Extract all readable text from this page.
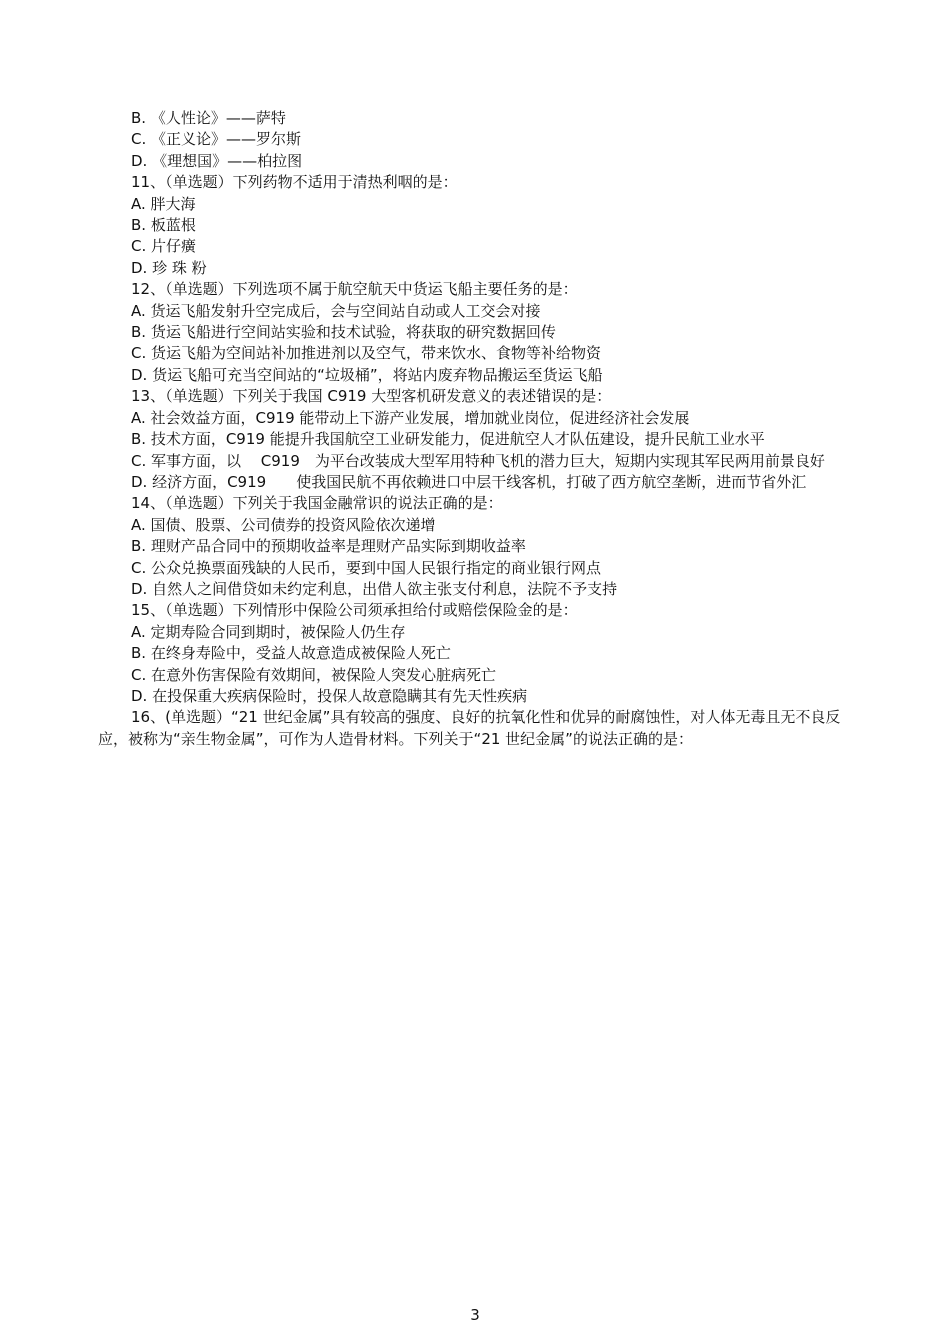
B. 《人性论》——萨特
C. 《正义论》——罗尔斯
D. 《理想国》——柏拉图
11、（单选题）下列药物不适用于清热利咽的是：
A. 胖大海
B. 板蓝根
C. 片仔癀
D. 珍 珠 粉
12、（单选题）下列选项不属于航空航天中货运飞船主要任务的是：
A. 货运飞船发射升空完成后，会与空间站自动或人工交会对接
B. 货运飞船进行空间站实验和技术试验，将获取的研究数据回传
C. 货运飞船为空间站补加推进剂以及空气，带来饮水、食物等补给物资
D. 货运飞船可充当空间站的“垃圾桶”，将站内废弃物品搬运至货运飞船
13、（单选题）下列关于我国 C919 大型客机研发意义的表述错误的是：
A. 社会效益方面，C919 能带动上下游产业发展，增加就业岗位，促进经济社会发展
B. 技术方面，C919 能提升我国航空工业研发能力，促进航空人才队伍建设，提升民航工业水平
C. 军事方面，以　 C919　为平台改装成大型军用特种飞机的潜力巨大，短期内实现其军民两用前景良好
D. 经济方面，C919　　使我国民航不再依赖进口中层干线客机，打破了西方航空垄断，进而节省外汇
14、（单选题）下列关于我国金融常识的说法正确的是：
A. 国债、股票、公司债券的投资风险依次递增
B. 理财产品合同中的预期收益率是理财产品实际到期收益率
C. 公众兑换票面残缺的人民币，要到中国人民银行指定的商业银行网点
D. 自然人之间借贷如未约定利息，出借人欲主张支付利息，法院不予支持
15、（单选题）下列情形中保险公司须承担给付或赔偿保险金的是：
A. 定期寿险合同到期时，被保险人仍生存
B. 在终身寿险中，受益人故意造成被保险人死亡
C. 在意外伤害保险有效期间，被保险人突发心脏病死亡
D. 在投保重大疾病保险时，投保人故意隐瞒其有先天性疾病
16、(单选题）“21 世纪金属”具有较高的强度、良好的抗氧化性和优异的耐腐蚀性，对人体无毒且无不良反应，被称为“亲生物金属”，可作为人造骨材料。下列关于“21 世纪金属”的说法正确的是：
3
